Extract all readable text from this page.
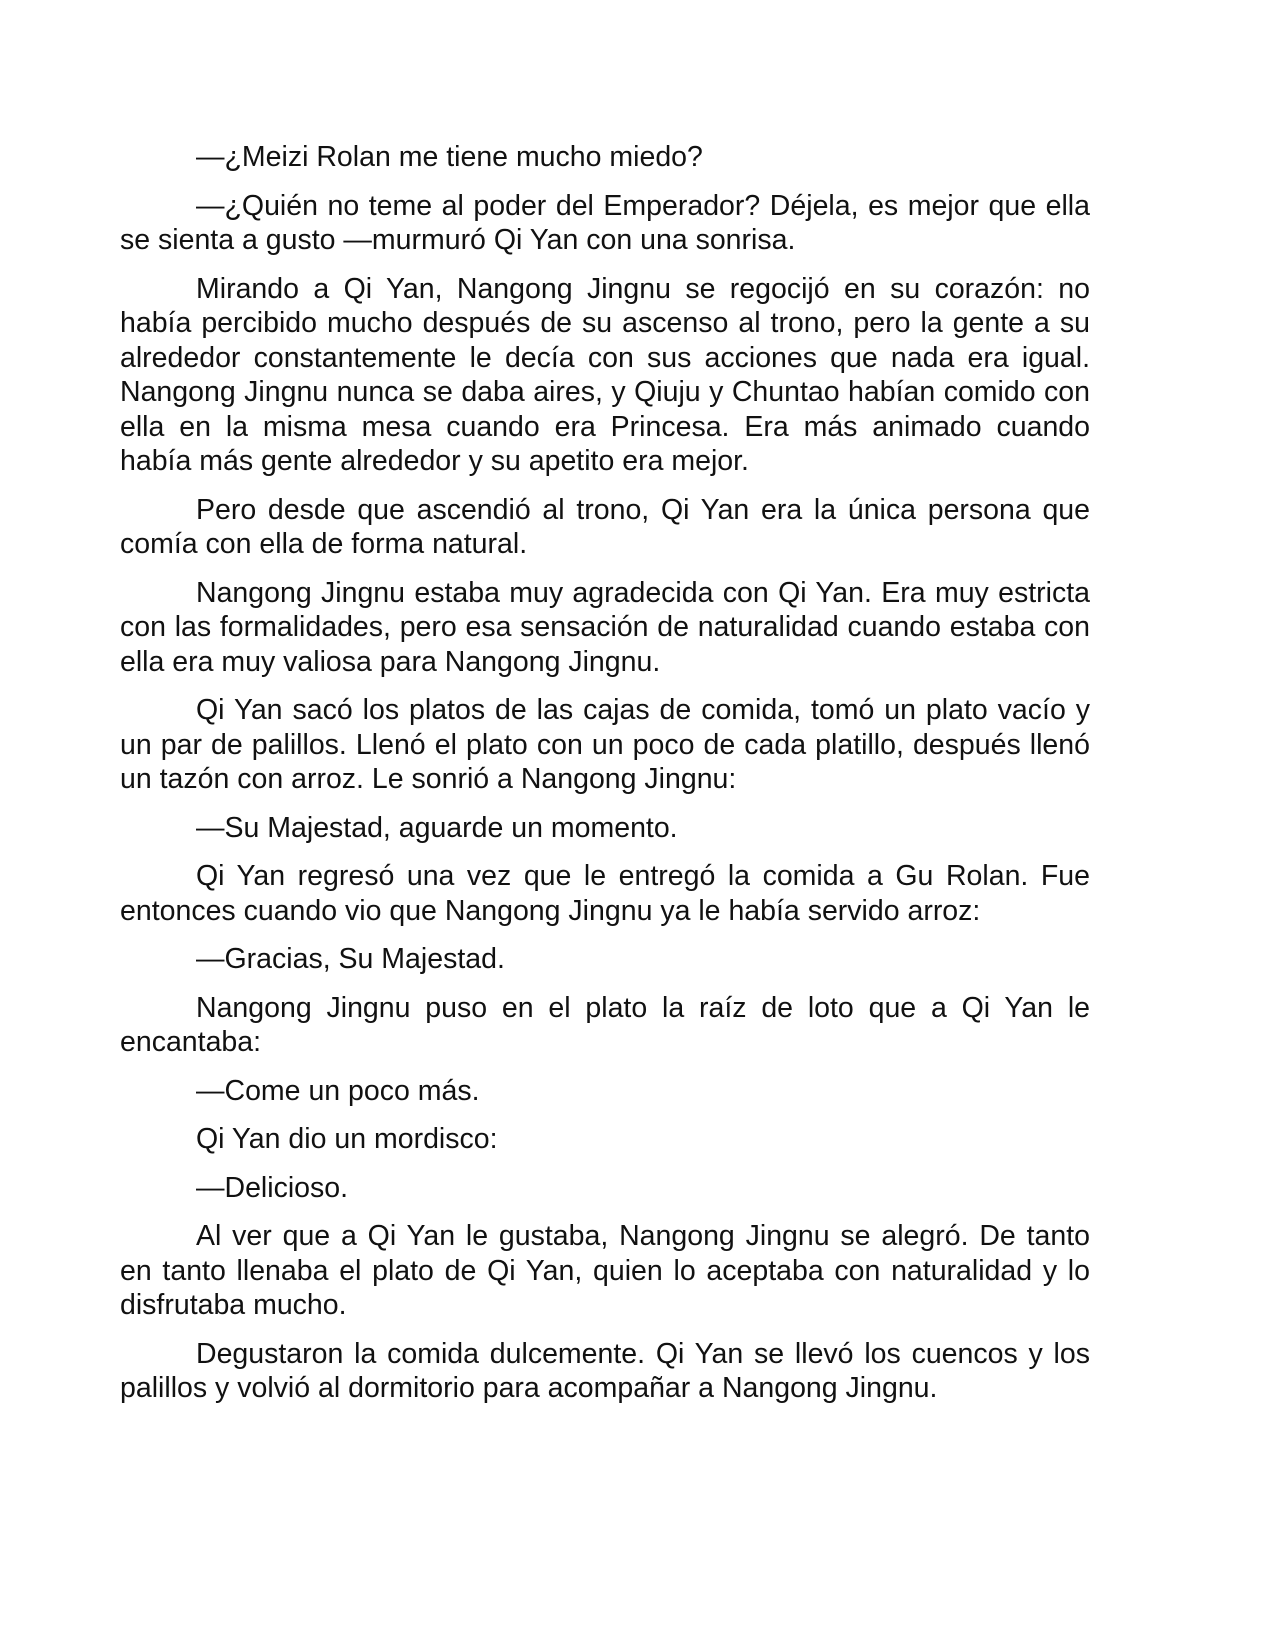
—¿Meizi Rolan me tiene mucho miedo?

—¿Quién no teme al poder del Emperador? Déjela, es mejor que ella se sienta a gusto —murmuró Qi Yan con una sonrisa.

Mirando a Qi Yan, Nangong Jingnu se regocijó en su corazón: no había percibido mucho después de su ascenso al trono, pero la gente a su alrededor constantemente le decía con sus acciones que nada era igual. Nangong Jingnu nunca se daba aires, y Qiuju y Chuntao habían comido con ella en la misma mesa cuando era Princesa. Era más animado cuando había más gente alrededor y su apetito era mejor.

Pero desde que ascendió al trono, Qi Yan era la única persona que comía con ella de forma natural.

Nangong Jingnu estaba muy agradecida con Qi Yan. Era muy estricta con las formalidades, pero esa sensación de naturalidad cuando estaba con ella era muy valiosa para Nangong Jingnu.

Qi Yan sacó los platos de las cajas de comida, tomó un plato vacío y un par de palillos. Llenó el plato con un poco de cada platillo, después llenó un tazón con arroz. Le sonrió a Nangong Jingnu:

—Su Majestad, aguarde un momento.

Qi Yan regresó una vez que le entregó la comida a Gu Rolan. Fue entonces cuando vio que Nangong Jingnu ya le había servido arroz:

—Gracias, Su Majestad.

Nangong Jingnu puso en el plato la raíz de loto que a Qi Yan le encantaba:

—Come un poco más.

Qi Yan dio un mordisco:

—Delicioso.

Al ver que a Qi Yan le gustaba, Nangong Jingnu se alegró. De tanto en tanto llenaba el plato de Qi Yan, quien lo aceptaba con naturalidad y lo disfrutaba mucho.

Degustaron la comida dulcemente. Qi Yan se llevó los cuencos y los palillos y volvió al dormitorio para acompañar a Nangong Jingnu.
